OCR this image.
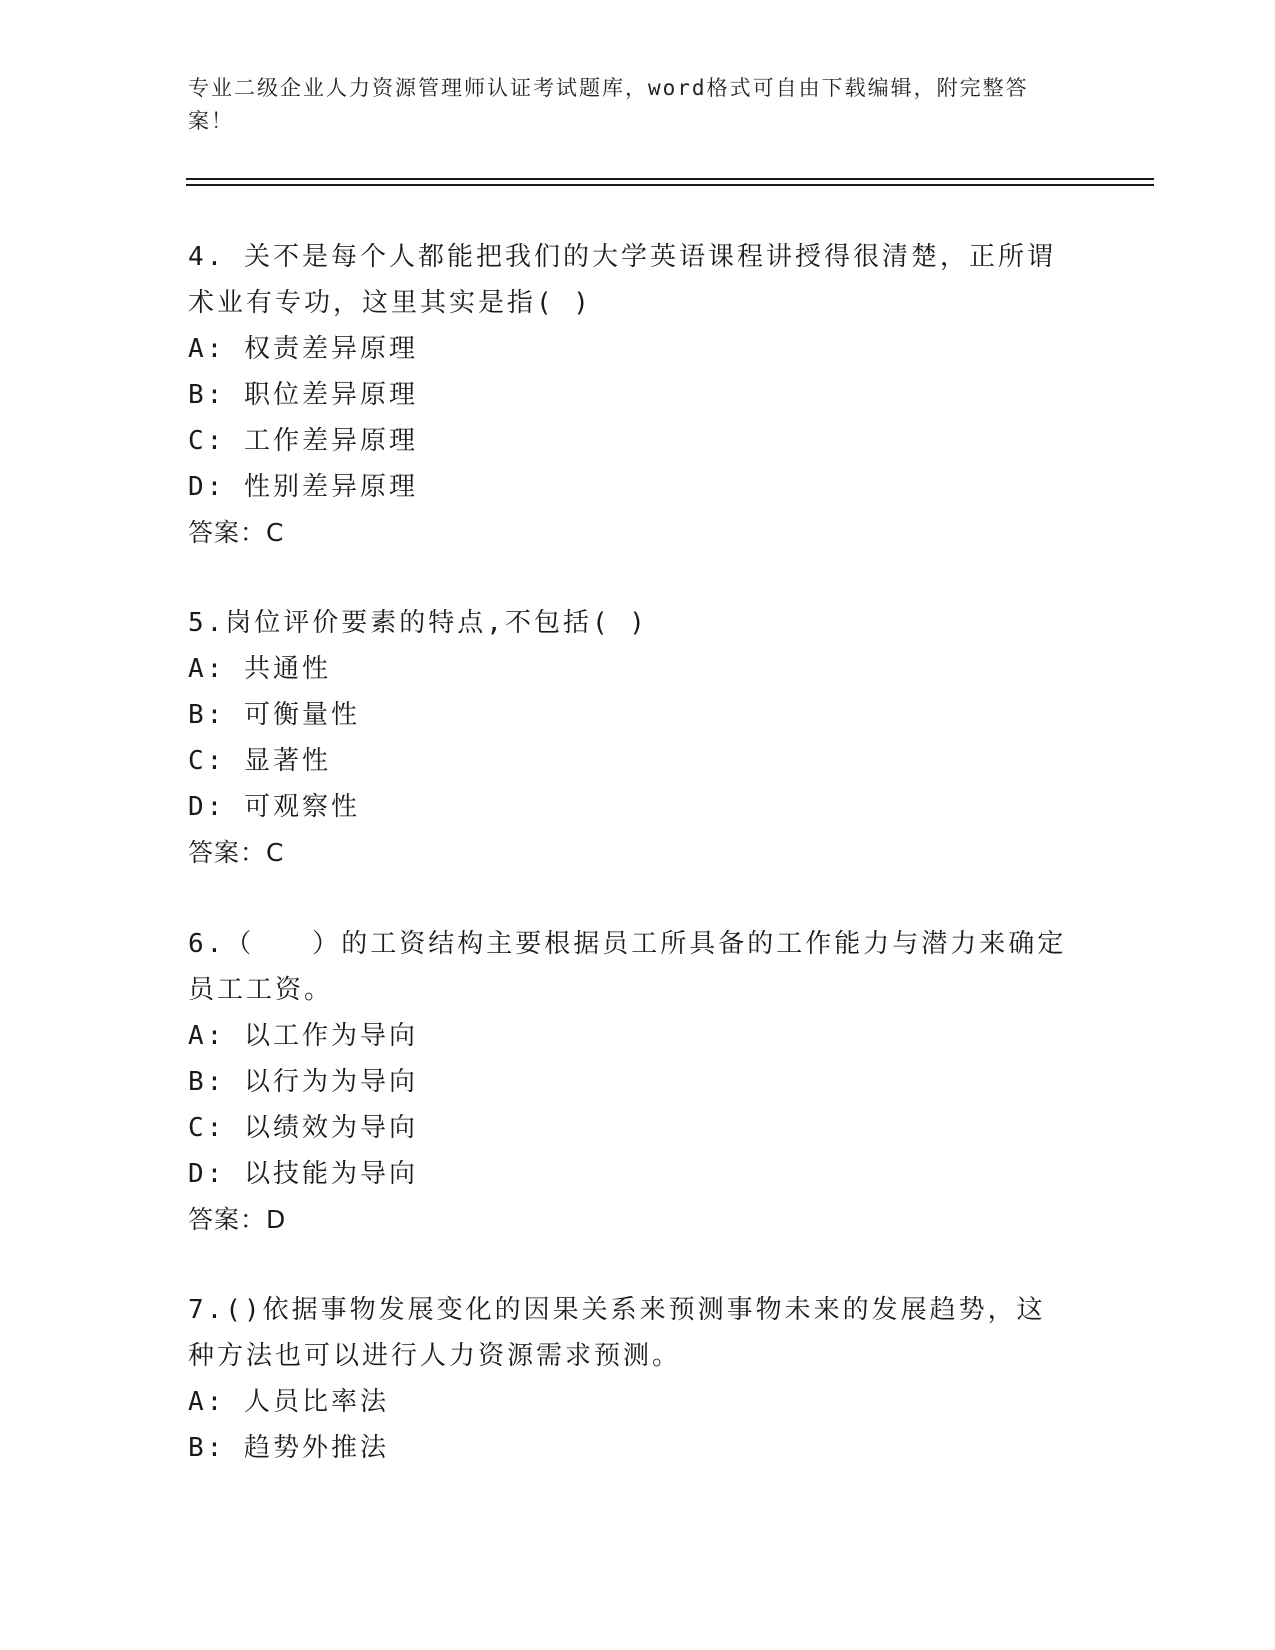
专业二级企业人力资源管理师认证考试题库，word格式可自由下载编辑，附完整答案！
4. 关不是每个人都能把我们的大学英语课程讲授得很清楚，正所谓术业有专功，这里其实是指( )
A: 权责差异原理
B: 职位差异原理
C: 工作差异原理
D: 性别差异原理
答案：C
5.岗位评价要素的特点,不包括( )
A: 共通性
B: 可衡量性
C: 显著性
D: 可观察性
答案：C
6.（　　）的工资结构主要根据员工所具备的工作能力与潜力来确定员工工资。
A: 以工作为导向
B: 以行为为导向
C: 以绩效为导向
D: 以技能为导向
答案：D
7.()依据事物发展变化的因果关系来预测事物未来的发展趋势，这种方法也可以进行人力资源需求预测。
A: 人员比率法
B: 趋势外推法
